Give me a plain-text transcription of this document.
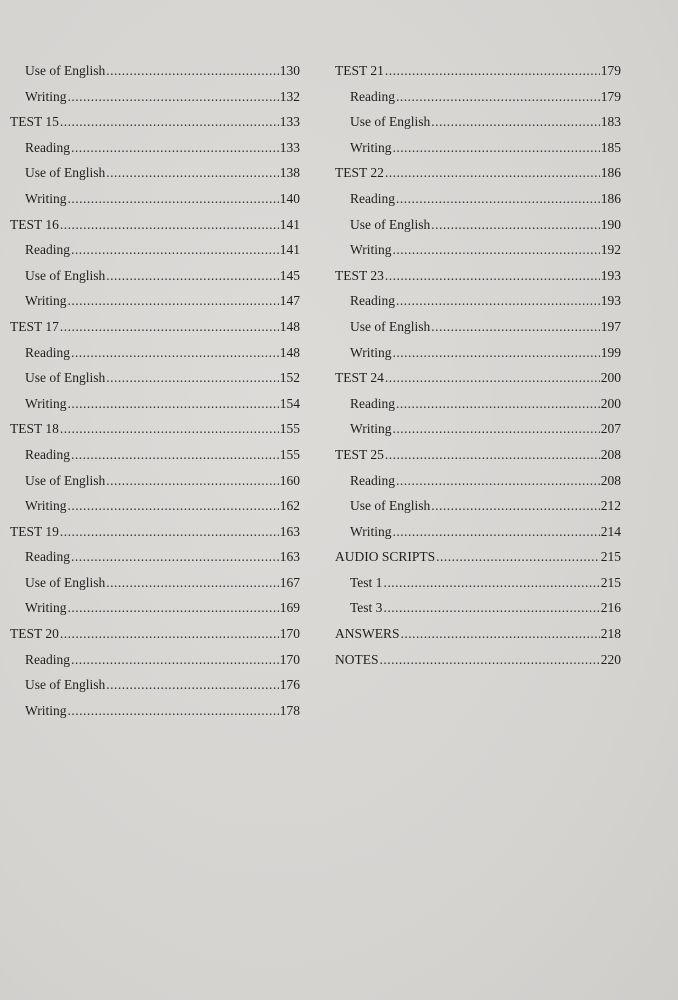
Use of English .....	130
Writing .....	132
TEST 15 .....	133
Reading .....	133
Use of English .....	138
Writing .....	140
TEST 16 .....	141
Reading .....	141
Use of English .....	145
Writing .....	147
TEST 17 .....	148
Reading .....	148
Use of English .....	152
Writing .....	154
TEST 18 .....	155
Reading .....	155
Use of English .....	160
Writing .....	162
TEST 19 .....	163
Reading .....	163
Use of English .....	167
Writing .....	169
TEST 20 .....	170
Reading .....	170
Use of English .....	176
Writing .....	178
TEST 21 .....	179
Reading .....	179
Use of English .....	183
Writing .....	185
TEST 22 .....	186
Reading .....	186
Use of English .....	190
Writing .....	192
TEST 23 .....	193
Reading .....	193
Use of English .....	197
Writing .....	199
TEST 24 .....	200
Reading .....	200
Writing .....	207
TEST 25 .....	208
Reading .....	208
Use of English .....	212
Writing .....	214
AUDIO SCRIPTS .....	215
Test 1 .....	215
Test 3 .....	216
ANSWERS .....	218
NOTES .....	220
